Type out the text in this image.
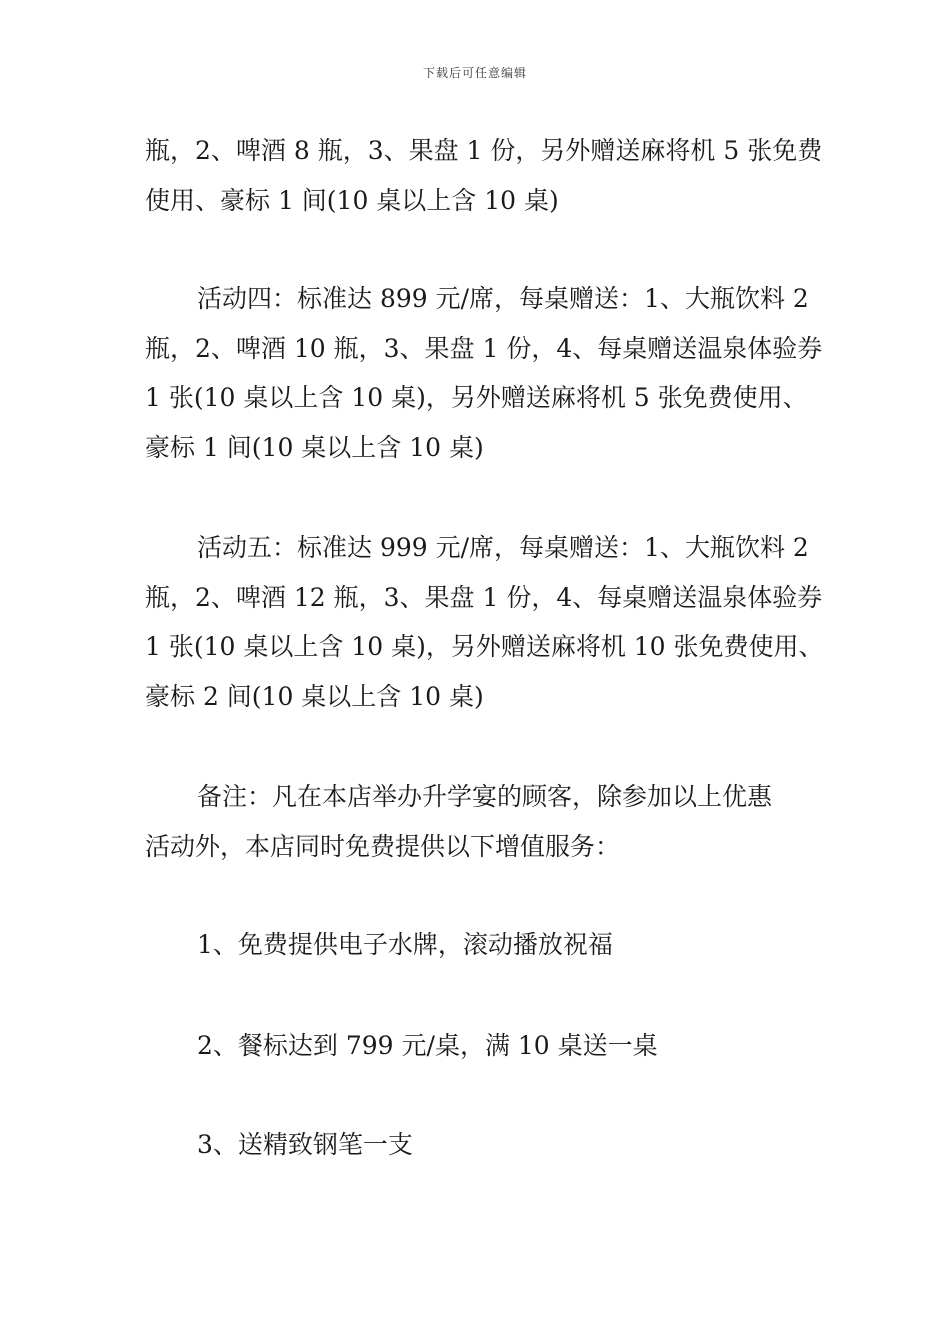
下载后可任意编辑
瓶，2、啤酒 8 瓶，3、果盘 1 份，另外赠送麻将机 5 张免费
使用、豪标 1 间(10 桌以上含 10 桌)
活动四：标准达 899 元/席，每桌赠送：1、大瓶饮料 2
瓶，2、啤酒 10 瓶，3、果盘 1 份，4、每桌赠送温泉体验券
1 张(10 桌以上含 10 桌)，另外赠送麻将机 5 张免费使用、
豪标 1 间(10 桌以上含 10 桌)
活动五：标准达 999 元/席，每桌赠送：1、大瓶饮料 2
瓶，2、啤酒 12 瓶，3、果盘 1 份，4、每桌赠送温泉体验券
1 张(10 桌以上含 10 桌)，另外赠送麻将机 10 张免费使用、
豪标 2 间(10 桌以上含 10 桌)
备注：凡在本店举办升学宴的顾客，除参加以上优惠
活动外，本店同时免费提供以下增值服务：
1、免费提供电子水牌，滚动播放祝福
2、餐标达到 799 元/桌，满 10 桌送一桌
3、送精致钢笔一支
